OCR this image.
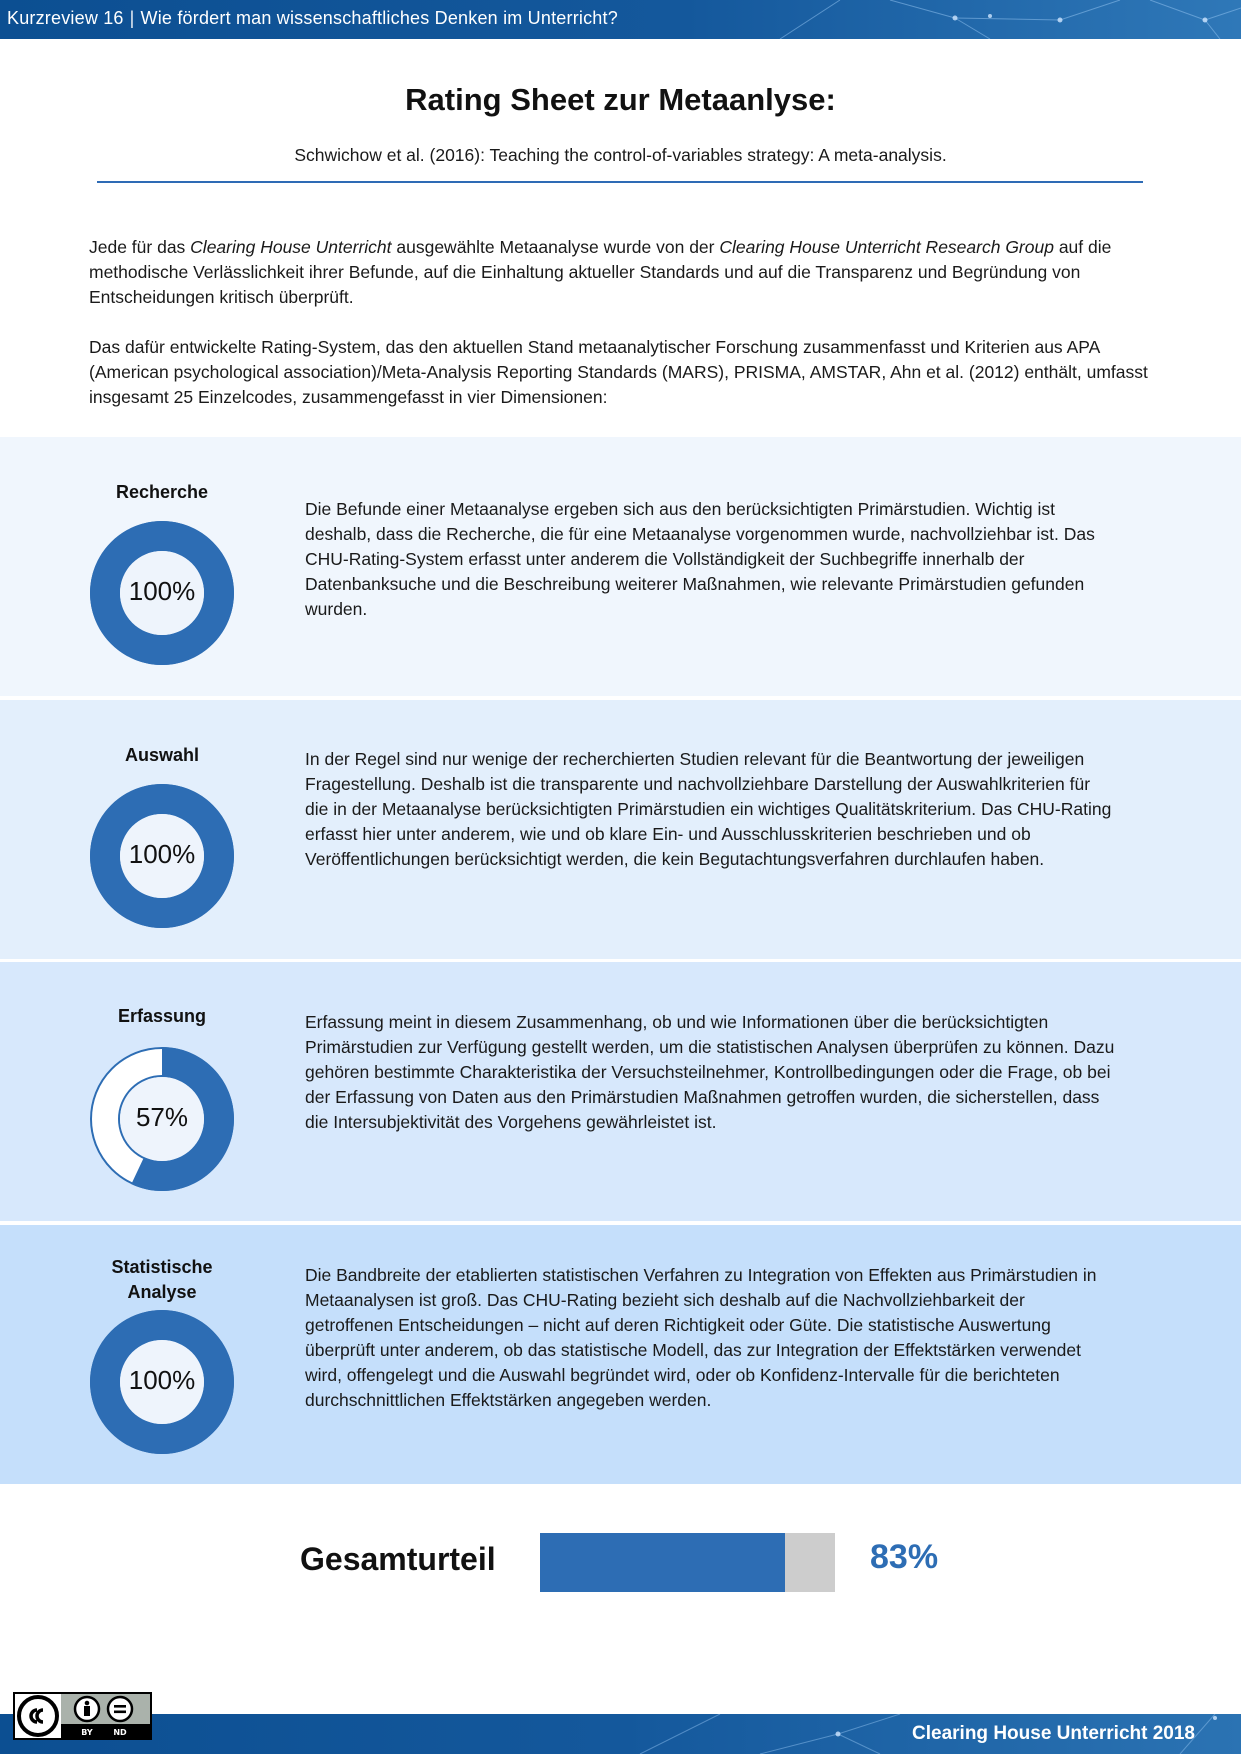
Kurzreview 16 | Wie fördert man wissenschaftliches Denken im Unterricht?
Rating Sheet zur Metaanlyse:
Schwichow et al. (2016): Teaching the control-of-variables strategy: A meta-analysis.

Jede für das Clearing House Unterricht ausgewählte Metaanalyse wurde von der Clearing House Unterricht Research Group auf die methodische Verlässlichkeit ihrer Befunde, auf die Einhaltung aktueller Standards und auf die Transparenz und Begründung von Entscheidungen kritisch überprüft.

Das dafür entwickelte Rating-System, das den aktuellen Stand metaanalytischer Forschung zusammenfasst und Kriterien aus APA (American psychological association)/Meta-Analysis Reporting Standards (MARS), PRISMA, AMSTAR, Ahn et al. (2012) enthält, umfasst insgesamt 25 Einzelcodes, zusammengefasst in vier Dimensionen:

Recherche
100%
Die Befunde einer Metaanalyse ergeben sich aus den berücksichtigten Primärstudien. Wichtig ist deshalb, dass die Recherche, die für eine Metaanalyse vorgenommen wurde, nachvollziehbar ist. Das CHU-Rating-System erfasst unter anderem die Vollständigkeit der Suchbegriffe innerhalb der Datenbanksuche und die Beschreibung weiterer Maßnahmen, wie relevante Primärstudien gefunden wurden.
Auswahl
100%
In der Regel sind nur wenige der recherchierten Studien relevant für die Beantwortung der jeweiligen Fragestellung. Deshalb ist die transparente und nachvollziehbare Darstellung der Auswahlkriterien für die in der Metaanalyse berücksichtigten Primärstudien ein wichtiges Qualitätskriterium. Das CHU-Rating erfasst hier unter anderem, wie und ob klare Ein- und Ausschlusskriterien beschrieben und ob Veröffentlichungen berücksichtigt werden, die kein Begutachtungsverfahren durchlaufen haben.
Erfassung
57%
Erfassung meint in diesem Zusammenhang, ob und wie Informationen über die berücksichtigten Primärstudien zur Verfügung gestellt werden, um die statistischen Analysen überprüfen zu können. Dazu gehören bestimmte Charakteristika der Versuchsteilnehmer, Kontrollbedingungen oder die Frage, ob bei der Erfassung von Daten aus den Primärstudien Maßnahmen getroffen wurden, die sicherstellen, dass die Intersubjektivität des Vorgehens gewährleistet ist.
Statistische Analyse
100%
Die Bandbreite der etablierten statistischen Verfahren zu Integration von Effekten aus Primärstudien in Metaanalysen ist groß. Das CHU-Rating bezieht sich deshalb auf die Nachvollziehbarkeit der getroffenen Entscheidungen – nicht auf deren Richtigkeit oder Güte. Die statistische Auswertung überprüft unter anderem, ob das statistische Modell, das zur Integration der Effektstärken verwendet wird, offengelegt und die Auswahl begründet wird, oder ob Konfidenz-Intervalle für die berichteten durchschnittlichen Effektstärken angegeben werden.
Gesamturteil	83%
Clearing House Unterricht 2018
BY	ND
